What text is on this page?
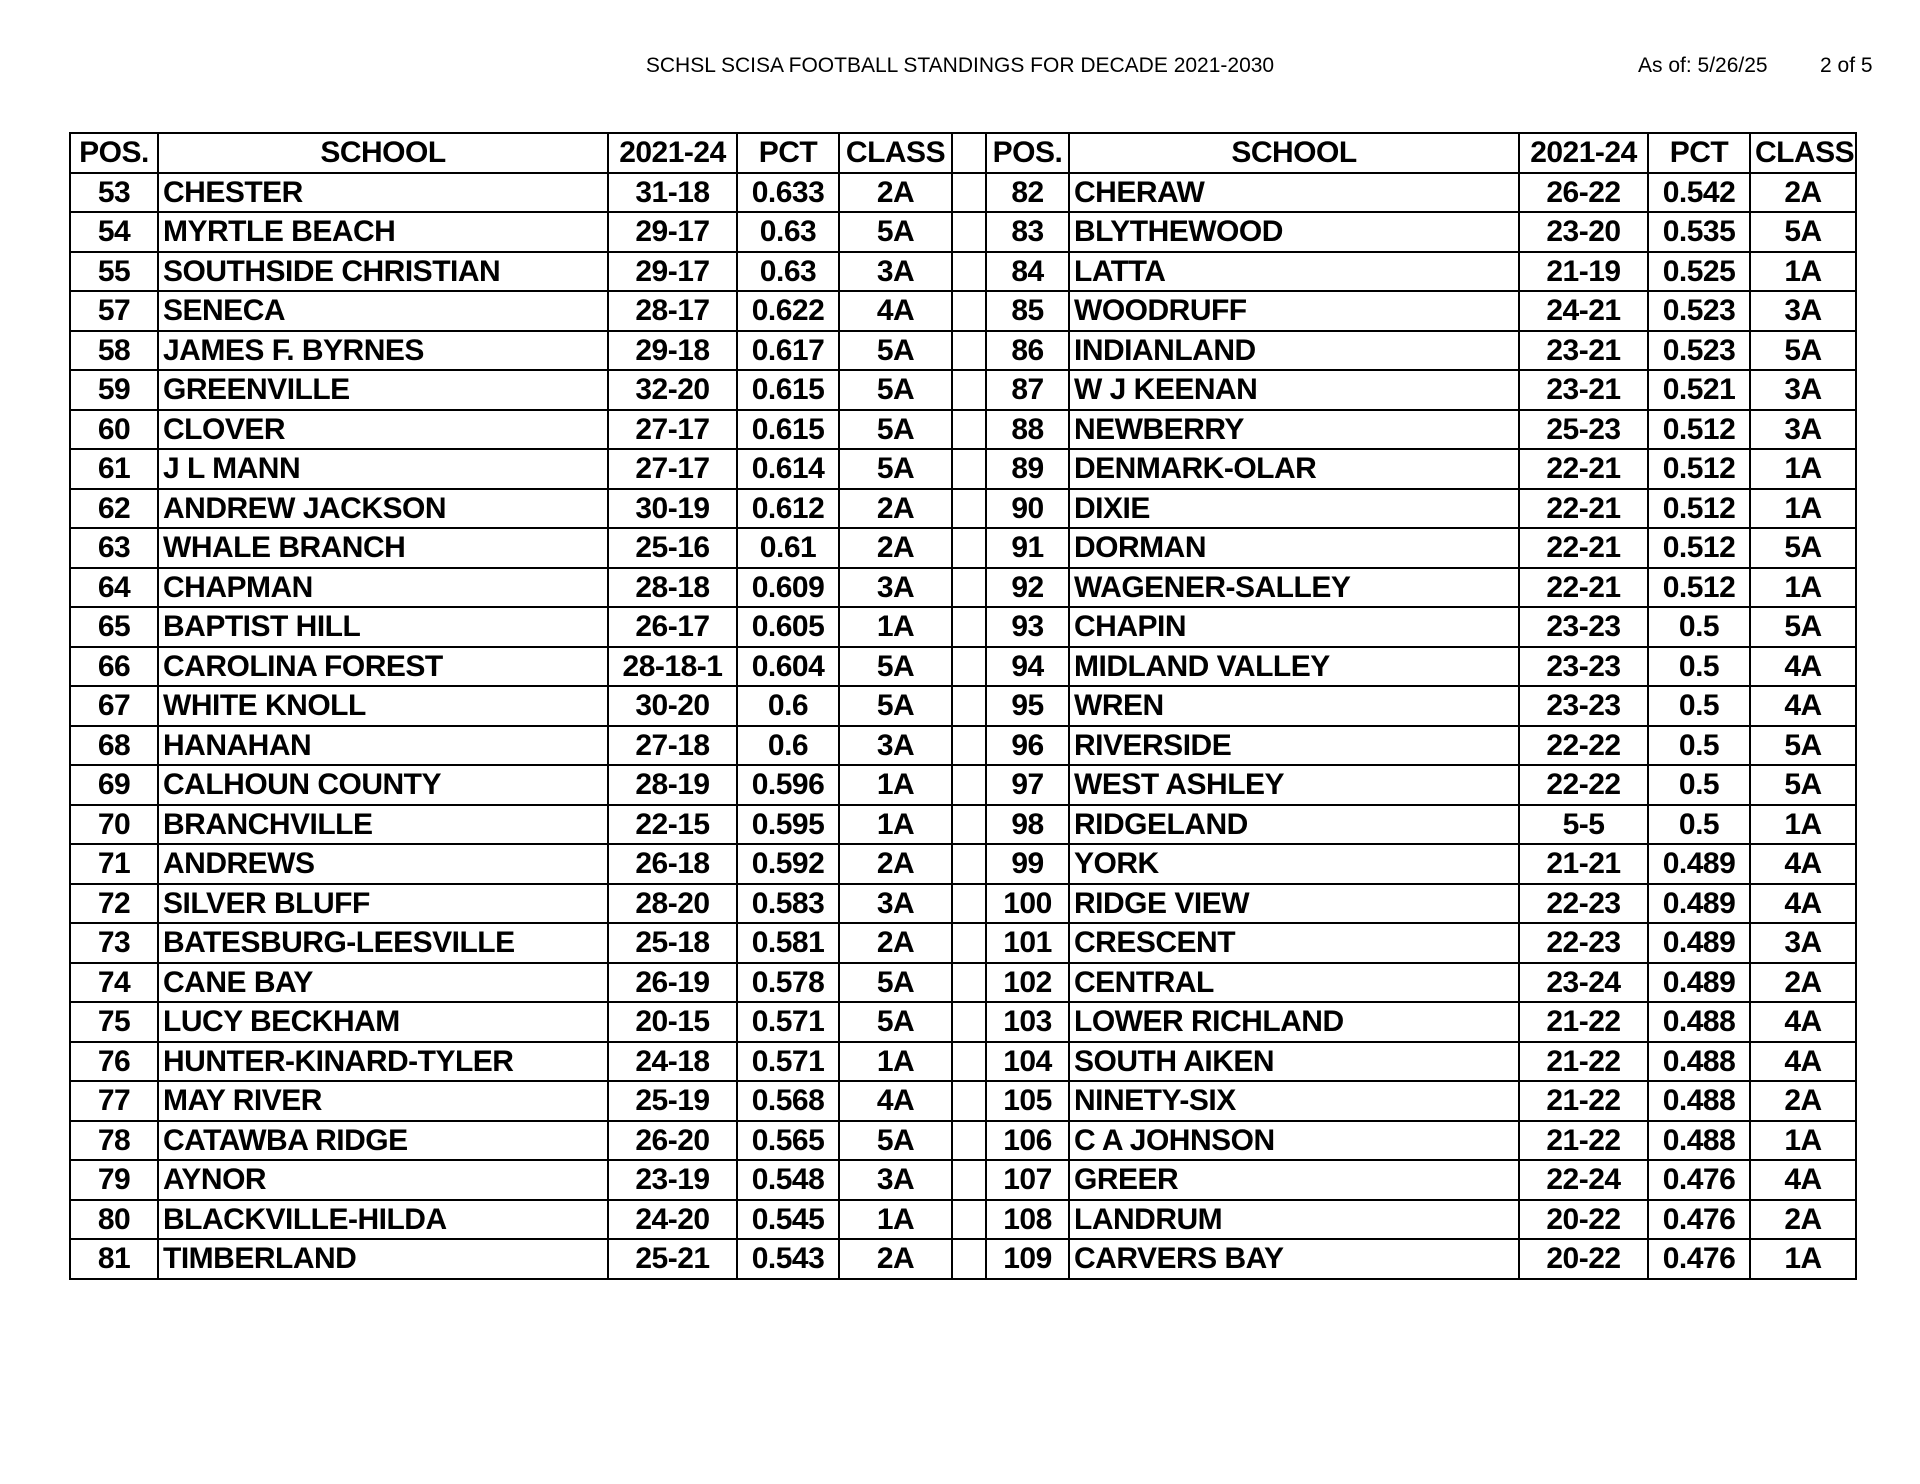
SCHSL SCISA FOOTBALL STANDINGS FOR DECADE 2021-2030	As of: 5/26/25 2 of 5
POS.	SCHOOL	2021-24	PCT	CLASS		POS.	SCHOOL	2021-24	PCT	CLASS
53	CHESTER	31-18	0.633	2A		82	CHERAW	26-22	0.542	2A
54	MYRTLE BEACH	29-17	0.63	5A		83	BLYTHEWOOD	23-20	0.535	5A
55	SOUTHSIDE CHRISTIAN	29-17	0.63	3A		84	LATTA	21-19	0.525	1A
57	SENECA	28-17	0.622	4A		85	WOODRUFF	24-21	0.523	3A
58	JAMES F. BYRNES	29-18	0.617	5A		86	INDIANLAND	23-21	0.523	5A
59	GREENVILLE	32-20	0.615	5A		87	W J KEENAN	23-21	0.521	3A
60	CLOVER	27-17	0.615	5A		88	NEWBERRY	25-23	0.512	3A
61	J L MANN	27-17	0.614	5A		89	DENMARK-OLAR	22-21	0.512	1A
62	ANDREW JACKSON	30-19	0.612	2A		90	DIXIE	22-21	0.512	1A
63	WHALE BRANCH	25-16	0.61	2A		91	DORMAN	22-21	0.512	5A
64	CHAPMAN	28-18	0.609	3A		92	WAGENER-SALLEY	22-21	0.512	1A
65	BAPTIST HILL	26-17	0.605	1A		93	CHAPIN	23-23	0.5	5A
66	CAROLINA FOREST	28-18-1	0.604	5A		94	MIDLAND VALLEY	23-23	0.5	4A
67	WHITE KNOLL	30-20	0.6	5A		95	WREN	23-23	0.5	4A
68	HANAHAN	27-18	0.6	3A		96	RIVERSIDE	22-22	0.5	5A
69	CALHOUN COUNTY	28-19	0.596	1A		97	WEST ASHLEY	22-22	0.5	5A
70	BRANCHVILLE	22-15	0.595	1A		98	RIDGELAND	5-5	0.5	1A
71	ANDREWS	26-18	0.592	2A		99	YORK	21-21	0.489	4A
72	SILVER BLUFF	28-20	0.583	3A		100	RIDGE VIEW	22-23	0.489	4A
73	BATESBURG-LEESVILLE	25-18	0.581	2A		101	CRESCENT	22-23	0.489	3A
74	CANE BAY	26-19	0.578	5A		102	CENTRAL	23-24	0.489	2A
75	LUCY BECKHAM	20-15	0.571	5A		103	LOWER RICHLAND	21-22	0.488	4A
76	HUNTER-KINARD-TYLER	24-18	0.571	1A		104	SOUTH AIKEN	21-22	0.488	4A
77	MAY RIVER	25-19	0.568	4A		105	NINETY-SIX	21-22	0.488	2A
78	CATAWBA RIDGE	26-20	0.565	5A		106	C A JOHNSON	21-22	0.488	1A
79	AYNOR	23-19	0.548	3A		107	GREER	22-24	0.476	4A
80	BLACKVILLE-HILDA	24-20	0.545	1A		108	LANDRUM	20-22	0.476	2A
81	TIMBERLAND	25-21	0.543	2A		109	CARVERS BAY	20-22	0.476	1A
